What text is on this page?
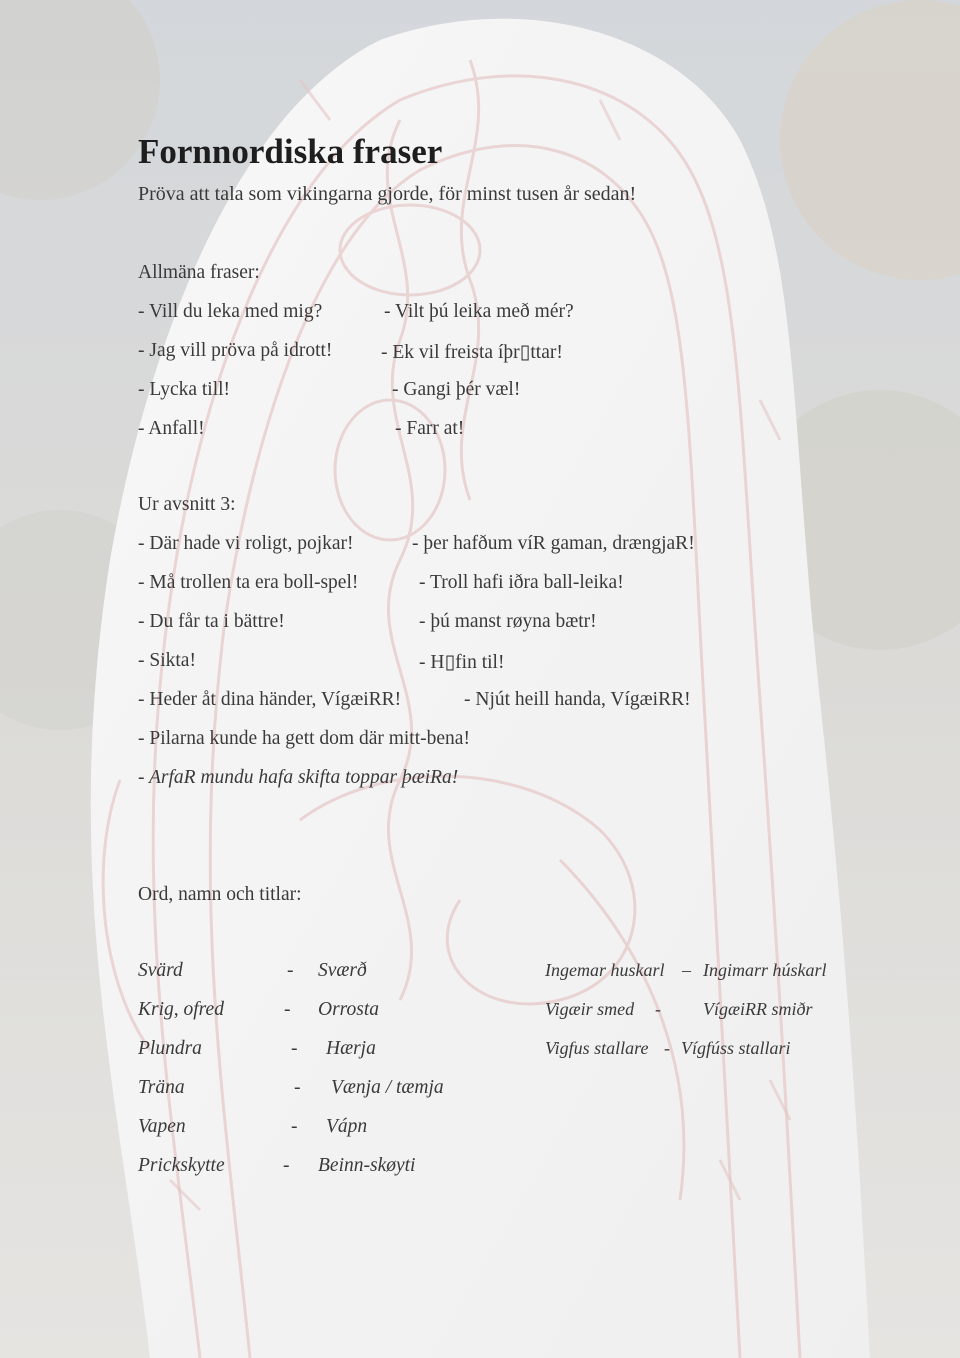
Fornnordiska fraser
Pröva att tala som vikingarna gjorde, för minst tusen år sedan!
Allmäna fraser:
- Vill du leka med mig?	- Vilt þú leika með mér?
- Jag vill pröva på idrott! - Ek vil freista íþr▯ttar!
- Lycka till!	- Gangi þér væl!
- Anfall!	- Farr at!
Ur avsnitt 3:
- Där hade vi roligt, pojkar!	- þer hafðum víR gaman, drængjaR!
- Må trollen ta era boll-spel!	- Troll hafi iðra ball-leika!
- Du får ta i bättre!	- þú manst røyna bætr!
- Sikta!	- H▯fin til!
- Heder åt dina händer, VígæiRR!	- Njút heill handa, VígæiRR!
- Pilarna kunde ha gett dom där mitt-bena!
- ArfaR mundu hafa skifta toppar þæiRa!
Ord, namn och titlar:
Svärd	- Sværð
Krig, ofred	- Orrosta
Plundra	- Hærja
Träna	- Vænja / tæmja
Vapen	- Vápn
Prickskytte	- Beinn-skøyti
Ingemar huskarl – Ingimarr húskarl
Vigæir smed - VígæiRR smiðr
Vigfus stallare - Vígfúss stallari
